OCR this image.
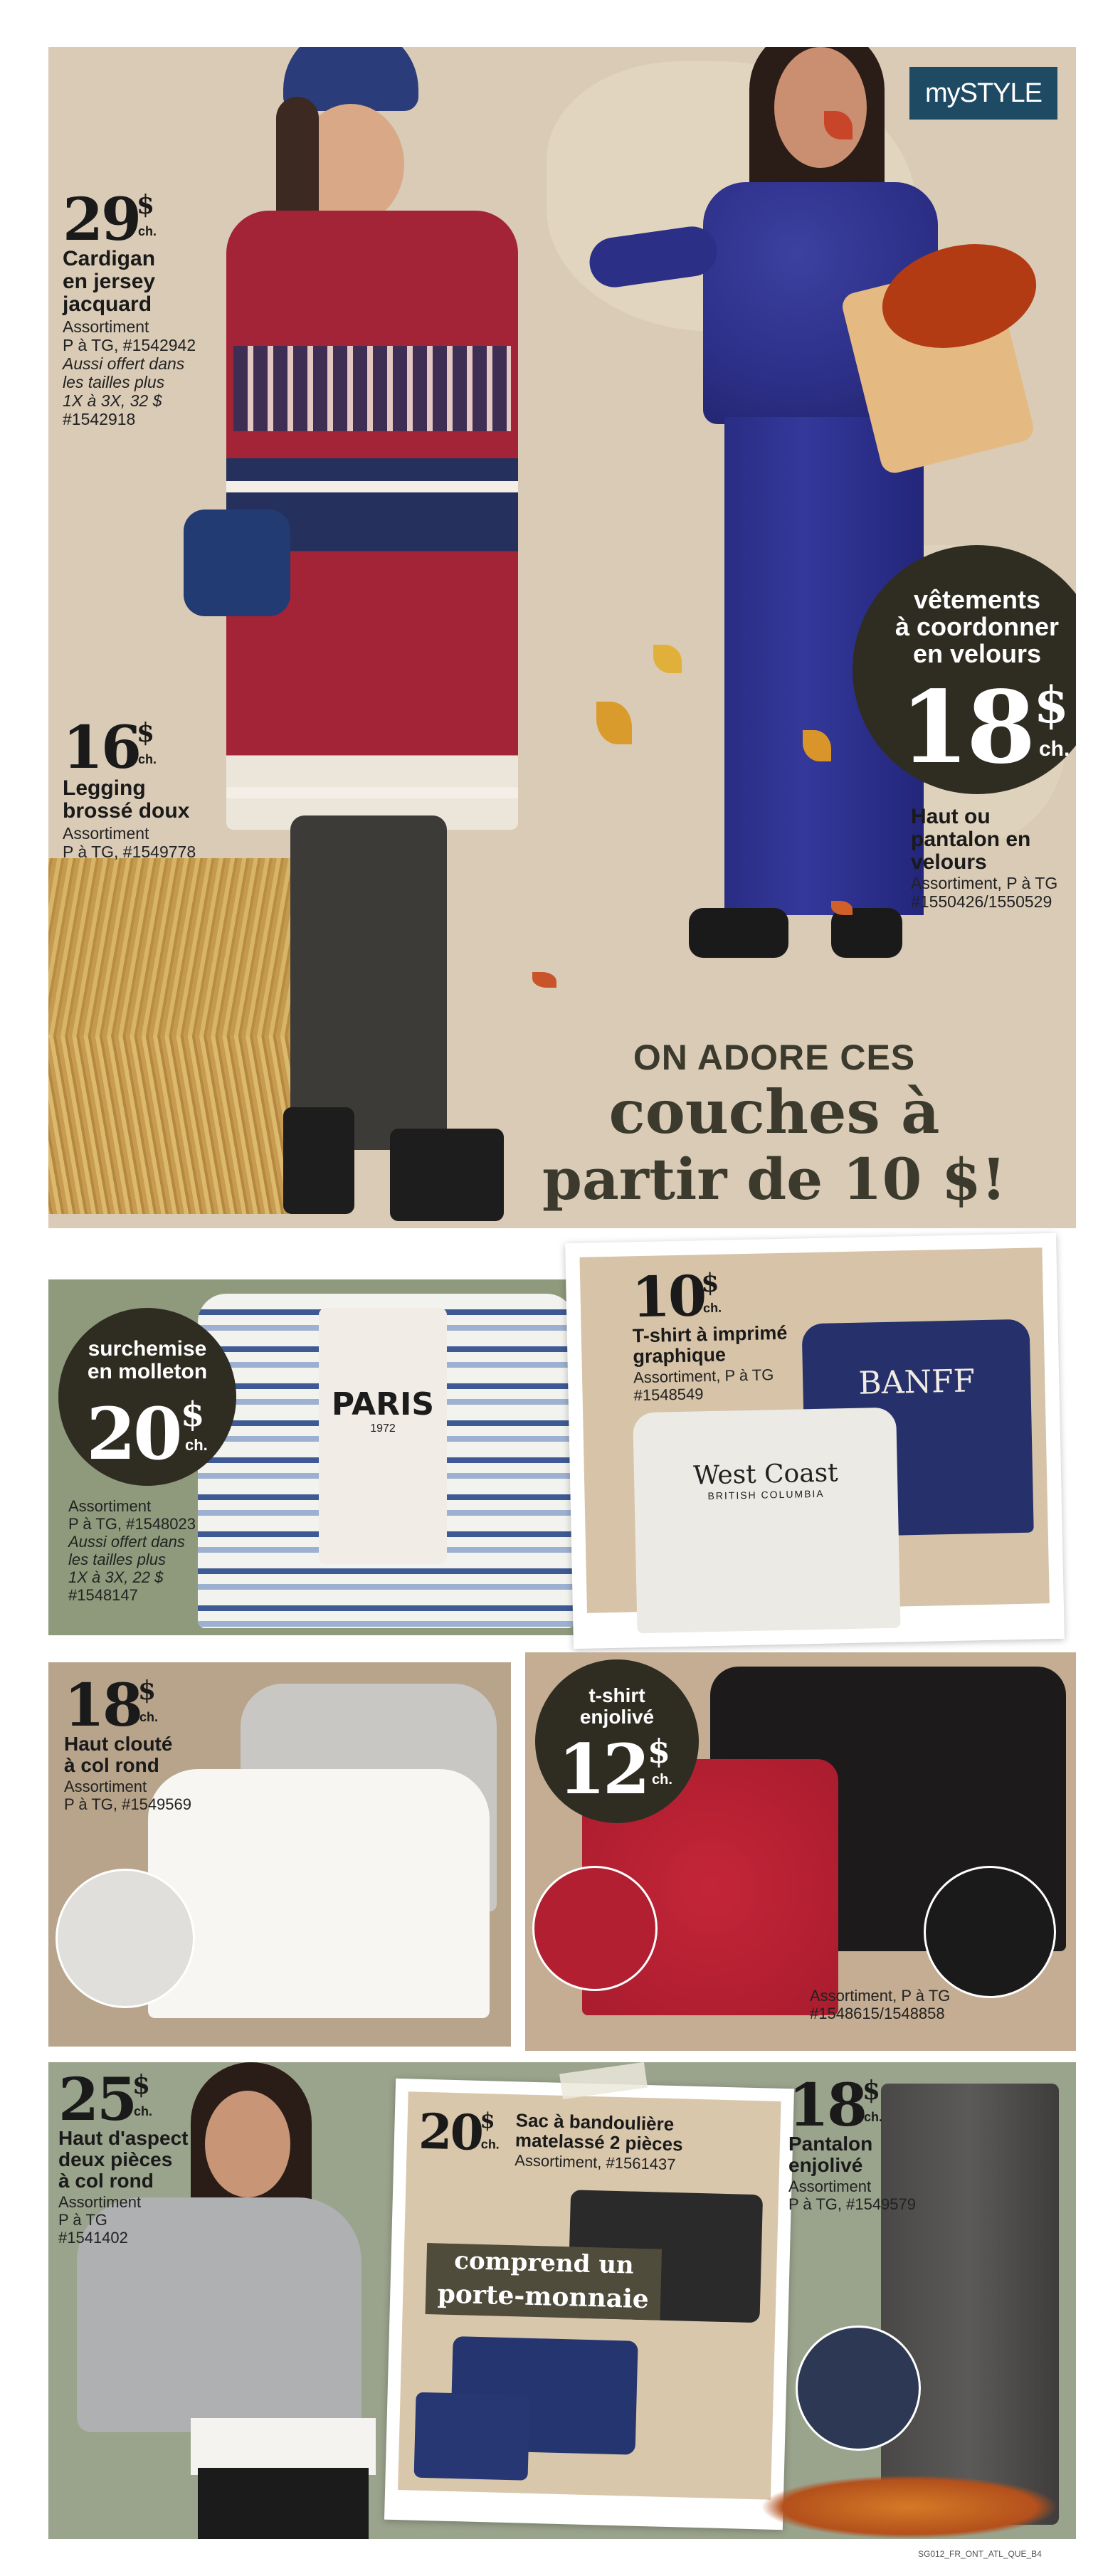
mySTYLE
vêtements
à coordonner
en velours
18 $
ch.
ON ADORE CES
couches à
partir de 10 $!
29
$
ch.
Cardigan
en jersey
jacquard
Assortiment
P à TG, #1542942
Aussi offert dans
les tailles plus
1X à 3X, 32 $
#1542918
16
$
ch.
Legging
brossé doux
Assortiment
P à TG, #1549778
Haut ou
pantalon en
velours
Assortiment, P à TG
#1550426/1550529
PARIS
1972
surchemise
en molleton
20 $
ch.
Assortiment
P à TG, #1548023
Aussi offert dans
les tailles plus
1X à 3X, 22 $
#1548147
BANFF
West Coast
BRITISH COLUMBIA
10
$
ch.
T-shirt à imprimé
graphique
Assortiment, P à TG
#1548549
18
$
ch.
Haut clouté
à col rond
Assortiment
P à TG, #1549569
t-shirt
enjolivé
12 $
ch.
Assortiment, P à TG
#1548615/1548858
25
$
ch.
Haut d'aspect
deux pièces
à col rond
Assortiment
P à TG
#1541402
20
$
ch.
Sac à bandoulière
matelassé 2 pièces
Assortiment, #1561437
comprend un
porte-monnaie
18
$
ch.
Pantalon
enjolivé
Assortiment
P à TG, #1549579
SG012_FR_ONT_ATL_QUE_B4
